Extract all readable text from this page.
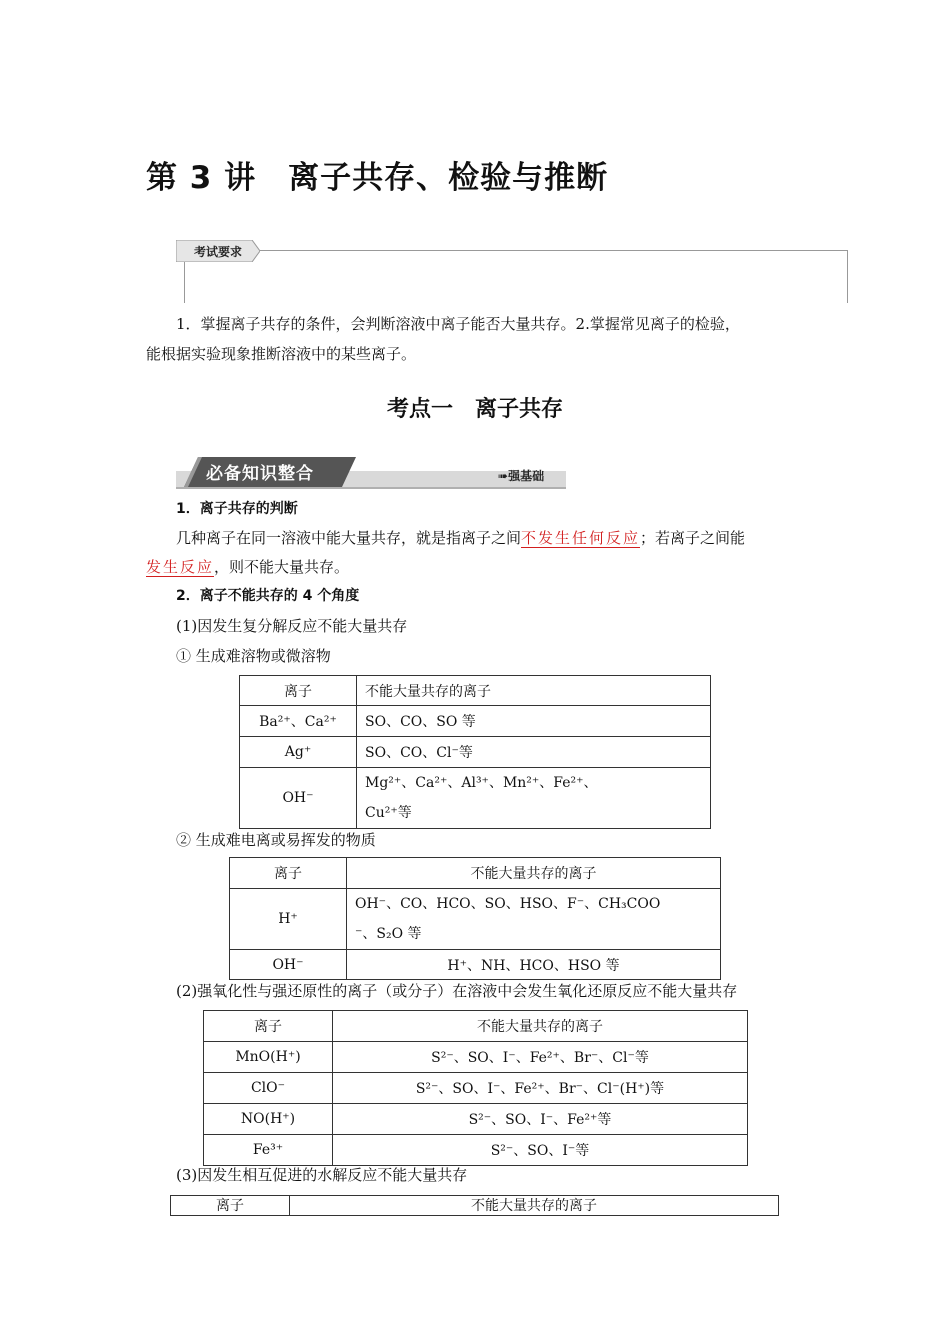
第 3 讲　离子共存、检验与推断
考试要求
1．掌握离子共存的条件，会判断溶液中离子能否大量共存。2.掌握常见离子的检验，
能根据实验现象推断溶液中的某些离子。
考点一　离子共存
必备知识整合	➠强基础
1．离子共存的判断
几种离子在同一溶液中能大量共存，就是指离子之间不发生任何反应；若离子之间能
发生反应，则不能大量共存。
2．离子不能共存的 4 个角度
(1)因发生复分解反应不能大量共存
① 生成难溶物或微溶物
离子	不能大量共存的离子
Ba²⁺、Ca²⁺	SO、CO、SO 等
Ag⁺	SO、CO、Cl⁻等
OH⁻	Mg²⁺、Ca²⁺、Al³⁺、Mn²⁺、Fe²⁺、
Cu²⁺等
② 生成难电离或易挥发的物质
离子	不能大量共存的离子
H⁺	OH⁻、CO、HCO、SO、HSO、F⁻、CH₃COO
⁻、S₂O 等

OH⁻	H⁺、NH、HCO、HSO 等
(2)强氧化性与强还原性的离子（或分子）在溶液中会发生氧化还原反应不能大量共存
离子	不能大量共存的离子
MnO(H⁺)	S²⁻、SO、I⁻、Fe²⁺、Br⁻、Cl⁻等
ClO⁻	S²⁻、SO、I⁻、Fe²⁺、Br⁻、Cl⁻(H⁺)等
NO(H⁺)	S²⁻、SO、I⁻、Fe²⁺等
Fe³⁺	S²⁻、SO、I⁻等
(3)因发生相互促进的水解反应不能大量共存
离子	不能大量共存的离子
